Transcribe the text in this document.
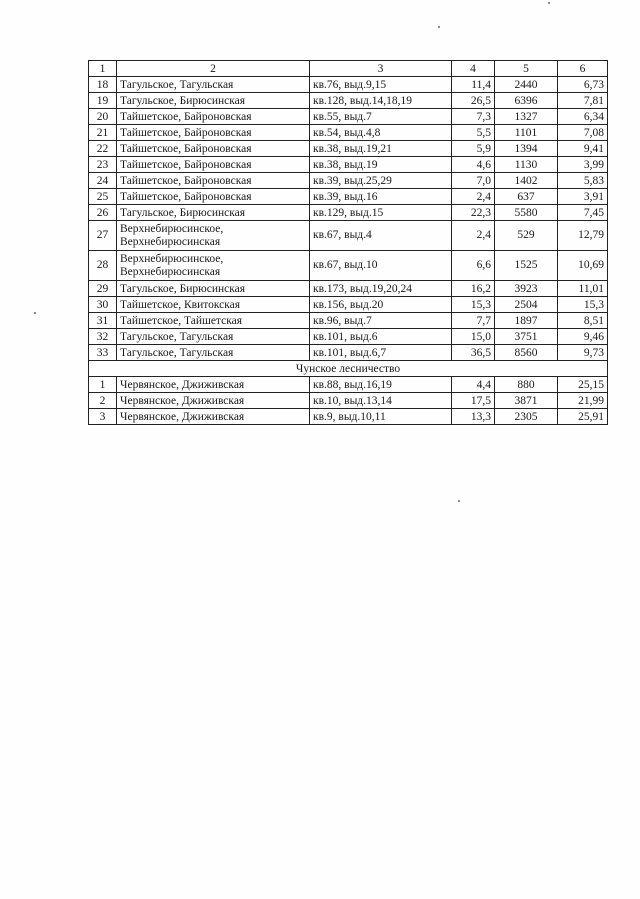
1	2	3	4	5	6
18	Тагульское, Тагульская	кв.76, выд.9,15	11,4	2440	6,73
19	Тагульское, Бирюсинская	кв.128, выд.14,18,19	26,5	6396	7,81
20	Тайшетское, Байроновская	кв.55, выд.7	7,3	1327	6,34
21	Тайшетское, Байроновская	кв.54, выд.4,8	5,5	1101	7,08
22	Тайшетское, Байроновская	кв.38, выд.19,21	5,9	1394	9,41
23	Тайшетское, Байроновская	кв.38, выд.19	4,6	1130	3,99
24	Тайшетское, Байроновская	кв.39, выд.25,29	7,0	1402	5,83
25	Тайшетское, Байроновская	кв.39, выд.16	2,4	637	3,91
26	Тагульское, Бирюсинская	кв.129, выд.15	22,3	5580	7,45
27	Верхнебирюсинское, Верхнебирюсинская	кв.67, выд.4	2,4	529	12,79
28	Верхнебирюсинское, Верхнебирюсинская	кв.67, выд.10	6,6	1525	10,69
29	Тагульское, Бирюсинская	кв.173, выд.19,20,24	16,2	3923	11,01
30	Тайшетское, Квитокская	кв.156, выд.20	15,3	2504	15,3
31	Тайшетское, Тайшетская	кв.96, выд.7	7,7	1897	8,51
32	Тагульское, Тагульская	кв.101, выд.6	15,0	3751	9,46
33	Тагульское, Тагульская	кв.101, выд.6,7	36,5	8560	9,73
Чунское лесничество					
1	Червянское, Джиживская	кв.88, выд.16,19	4,4	880	25,15
2	Червянское, Джиживская	кв.10, выд.13,14	17,5	3871	21,99
3	Червянское, Джиживская	кв.9, выд.10,11	13,3	2305	25,91
